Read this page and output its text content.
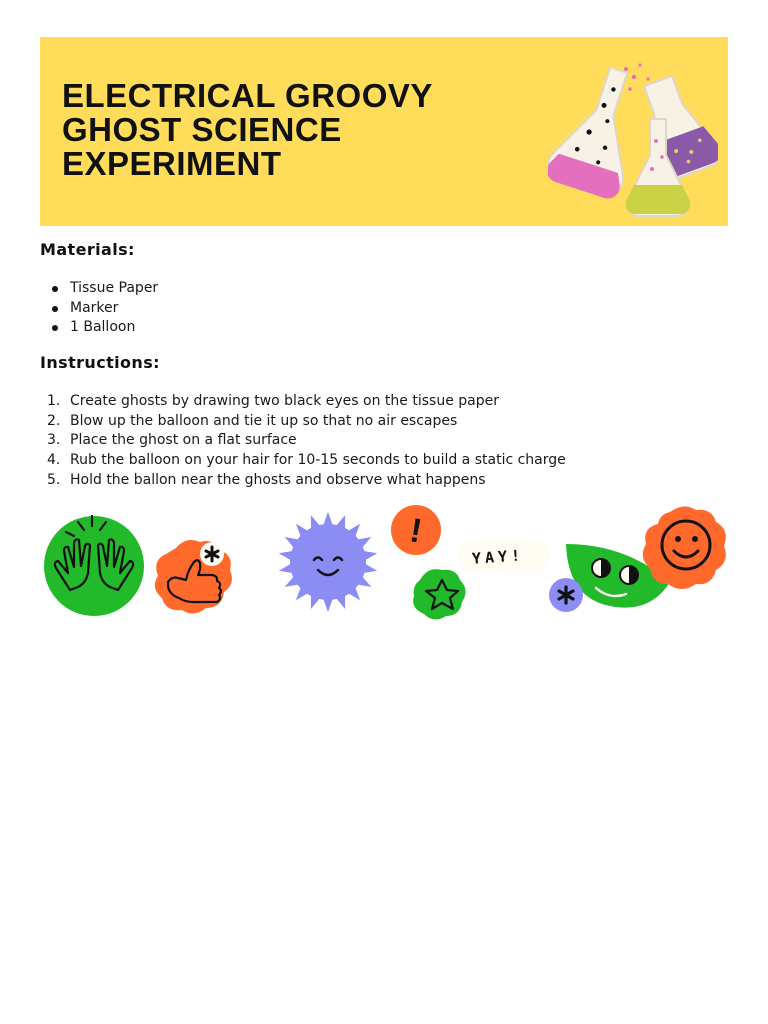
ELECTRICAL GROOVY GHOST SCIENCE EXPERIMENT
Materials:
Tissue Paper
Marker
1 Balloon
Instructions:
1. Create ghosts by drawing two black eyes on the tissue paper
2. Blow up the balloon and tie it up so that no air escapes
3. Place the ghost on a flat surface
4. Rub the balloon on your hair for 10-15 seconds to build a static charge
5. Hold the ballon near the ghosts and observe what happens
!
YAY!
